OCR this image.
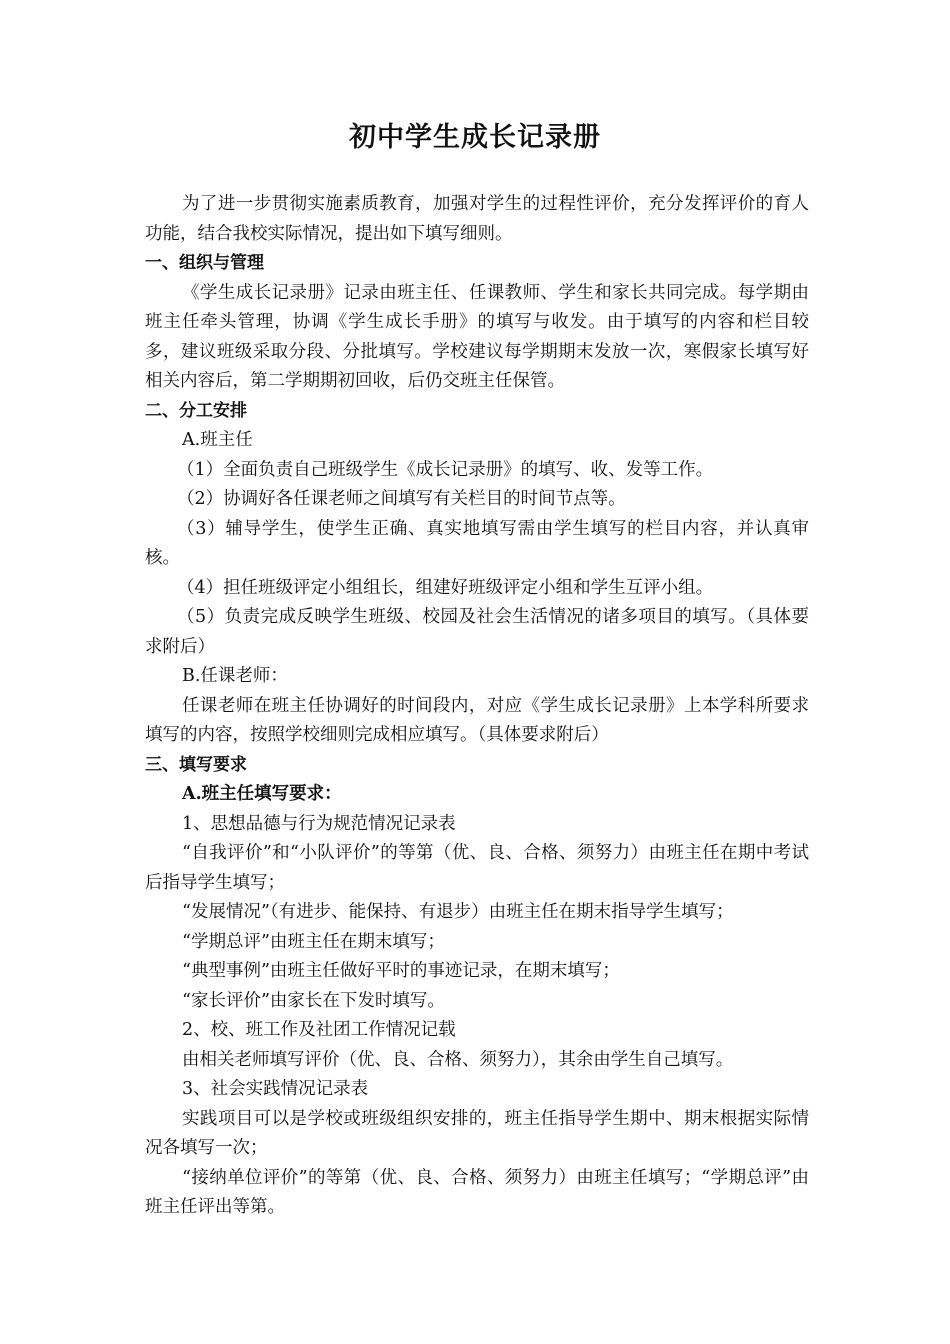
初中学生成长记录册

为了进一步贯彻实施素质教育，加强对学生的过程性评价，充分发挥评价的育人功能，结合我校实际情况，提出如下填写细则。

一、组织与管理

《学生成长记录册》记录由班主任、任课教师、学生和家长共同完成。每学期由班主任牵头管理，协调《学生成长手册》的填写与收发。由于填写的内容和栏目较多，建议班级采取分段、分批填写。学校建议每学期期末发放一次，寒假家长填写好相关内容后，第二学期期初回收，后仍交班主任保管。

二、分工安排

A.班主任

（1）全面负责自己班级学生《成长记录册》的填写、收、发等工作。

（2）协调好各任课老师之间填写有关栏目的时间节点等。

（3）辅导学生，使学生正确、真实地填写需由学生填写的栏目内容，并认真审核。

（4）担任班级评定小组组长，组建好班级评定小组和学生互评小组。

（5）负责完成反映学生班级、校园及社会生活情况的诸多项目的填写。（具体要求附后）

B.任课老师：

任课老师在班主任协调好的时间段内，对应《学生成长记录册》上本学科所要求填写的内容，按照学校细则完成相应填写。（具体要求附后）

三、填写要求

A.班主任填写要求：

1、思想品德与行为规范情况记录表

“自我评价”和“小队评价”的等第（优、良、合格、须努力）由班主任在期中考试后指导学生填写；

“发展情况”（有进步、能保持、有退步）由班主任在期末指导学生填写；

“学期总评”由班主任在期末填写；

“典型事例”由班主任做好平时的事迹记录，在期末填写；

“家长评价”由家长在下发时填写。

2、校、班工作及社团工作情况记载

由相关老师填写评价（优、良、合格、须努力），其余由学生自己填写。

3、社会实践情况记录表

实践项目可以是学校或班级组织安排的，班主任指导学生期中、期末根据实际情况各填写一次；

“接纳单位评价”的等第（优、良、合格、须努力）由班主任填写；“学期总评”由班主任评出等第。
